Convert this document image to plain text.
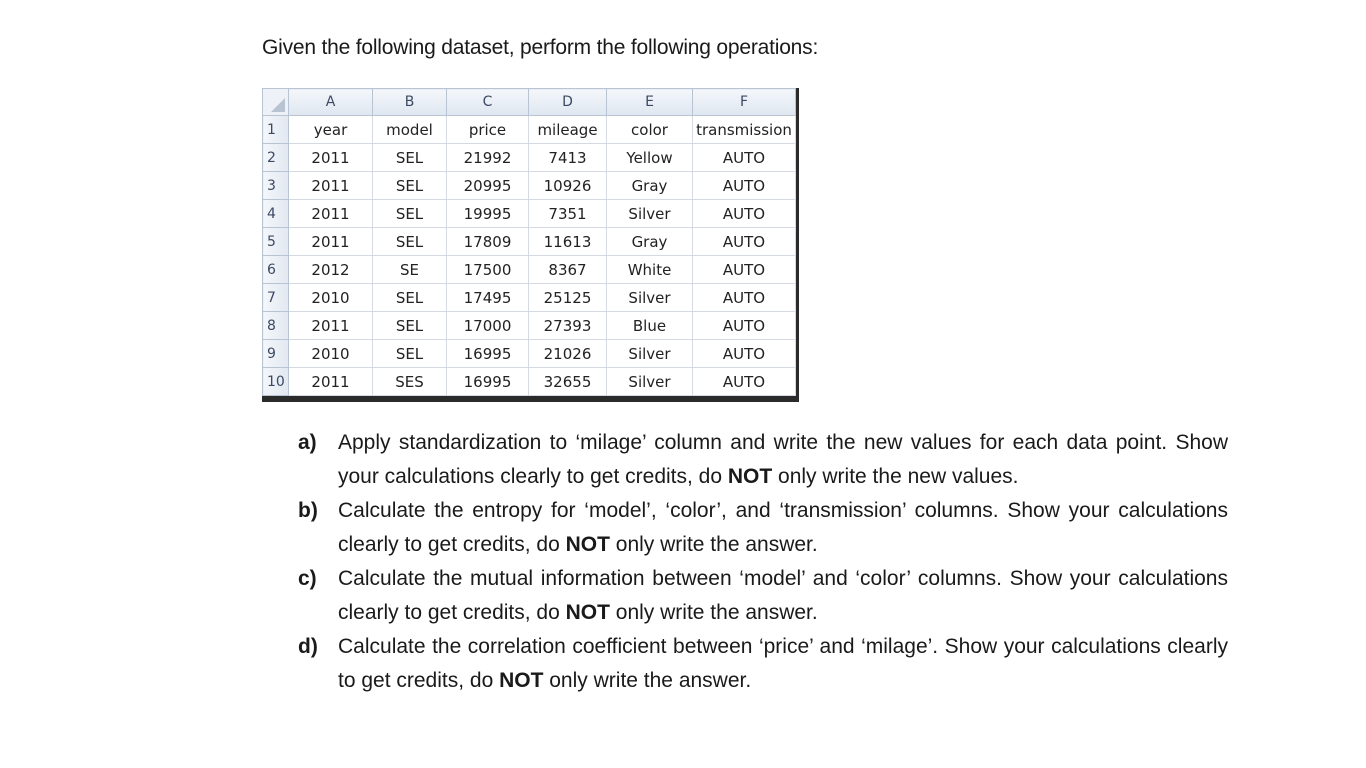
Given the following dataset, perform the following operations:
	A	B	C	D	E	F
1	year	model	price	mileage	color	transmission
2	2011	SEL	21992	7413	Yellow	AUTO
3	2011	SEL	20995	10926	Gray	AUTO
4	2011	SEL	19995	7351	Silver	AUTO
5	2011	SEL	17809	11613	Gray	AUTO
6	2012	SE	17500	8367	White	AUTO
7	2010	SEL	17495	25125	Silver	AUTO
8	2011	SEL	17000	27393	Blue	AUTO
9	2010	SEL	16995	21026	Silver	AUTO
10	2011	SES	16995	32655	Silver	AUTO
a) Apply standardization to ‘milage’ column and write the new values for each data point. Show your calculations clearly to get credits, do NOT only write the new values.
b) Calculate the entropy for ‘model’, ‘color’, and ‘transmission’ columns. Show your calculations clearly to get credits, do NOT only write the answer.
c) Calculate the mutual information between ‘model’ and ‘color’ columns. Show your calculations clearly to get credits, do NOT only write the answer.
d) Calculate the correlation coefficient between ‘price’ and ‘milage’. Show your calculations clearly to get credits, do NOT only write the answer.
